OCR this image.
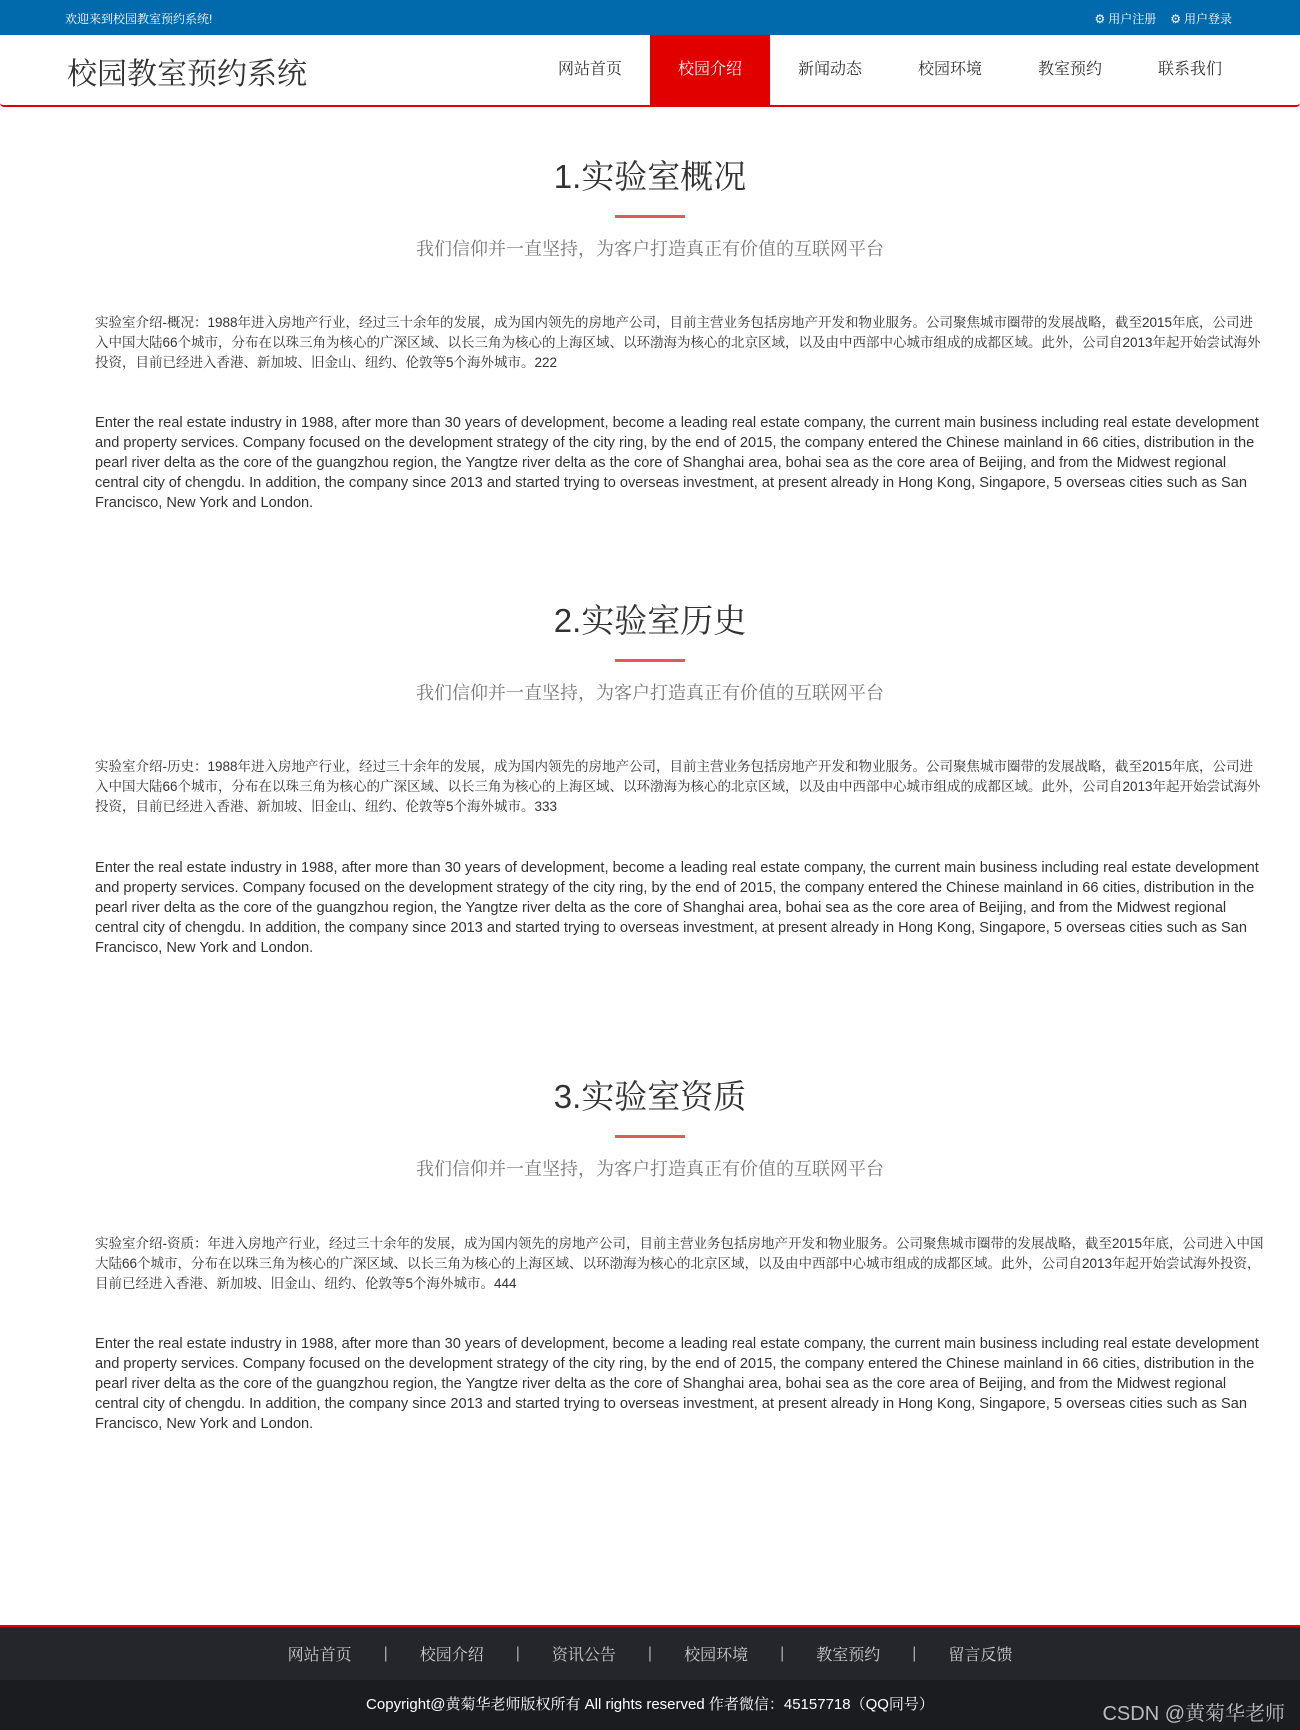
欢迎来到校园教室预约系统!	⚙ 用户注册 ⚙ 用户登录
校园教室预约系统	网站首页	校园介绍	新闻动态	校园环境	教室预约	联系我们
1.实验室概况
我们信仰并一直坚持，为客户打造真正有价值的互联网平台
实验室介绍-概况：1988年进入房地产行业，经过三十余年的发展，成为国内领先的房地产公司，目前主营业务包括房地产开发和物业服务。公司聚焦城市圈带的发展战略，截至2015年底，公司进入中国大陆66个城市，分布在以珠三角为核心的广深区域、以长三角为核心的上海区域、以环渤海为核心的北京区域，以及由中西部中心城市组成的成都区域。此外，公司自2013年起开始尝试海外投资，目前已经进入香港、新加坡、旧金山、纽约、伦敦等5个海外城市。222
Enter the real estate industry in 1988, after more than 30 years of development, become a leading real estate company, the current main business including real estate development and property services. Company focused on the development strategy of the city ring, by the end of 2015, the company entered the Chinese mainland in 66 cities, distribution in the pearl river delta as the core of the guangzhou region, the Yangtze river delta as the core of Shanghai area, bohai sea as the core area of Beijing, and from the Midwest regional central city of chengdu. In addition, the company since 2013 and started trying to overseas investment, at present already in Hong Kong, Singapore, 5 overseas cities such as San Francisco, New York and London.
2.实验室历史
我们信仰并一直坚持，为客户打造真正有价值的互联网平台
实验室介绍-历史：1988年进入房地产行业，经过三十余年的发展，成为国内领先的房地产公司，目前主营业务包括房地产开发和物业服务。公司聚焦城市圈带的发展战略，截至2015年底，公司进入中国大陆66个城市，分布在以珠三角为核心的广深区域、以长三角为核心的上海区域、以环渤海为核心的北京区域，以及由中西部中心城市组成的成都区域。此外，公司自2013年起开始尝试海外投资，目前已经进入香港、新加坡、旧金山、纽约、伦敦等5个海外城市。333
Enter the real estate industry in 1988, after more than 30 years of development, become a leading real estate company, the current main business including real estate development and property services. Company focused on the development strategy of the city ring, by the end of 2015, the company entered the Chinese mainland in 66 cities, distribution in the pearl river delta as the core of the guangzhou region, the Yangtze river delta as the core of Shanghai area, bohai sea as the core area of Beijing, and from the Midwest regional central city of chengdu. In addition, the company since 2013 and started trying to overseas investment, at present already in Hong Kong, Singapore, 5 overseas cities such as San Francisco, New York and London.
3.实验室资质
我们信仰并一直坚持，为客户打造真正有价值的互联网平台
实验室介绍-资质：年进入房地产行业，经过三十余年的发展，成为国内领先的房地产公司，目前主营业务包括房地产开发和物业服务。公司聚焦城市圈带的发展战略，截至2015年底，公司进入中国大陆66个城市，分布在以珠三角为核心的广深区域、以长三角为核心的上海区域、以环渤海为核心的北京区域，以及由中西部中心城市组成的成都区域。此外，公司自2013年起开始尝试海外投资，目前已经进入香港、新加坡、旧金山、纽约、伦敦等5个海外城市。444
Enter the real estate industry in 1988, after more than 30 years of development, become a leading real estate company, the current main business including real estate development and property services. Company focused on the development strategy of the city ring, by the end of 2015, the company entered the Chinese mainland in 66 cities, distribution in the pearl river delta as the core of the guangzhou region, the Yangtze river delta as the core of Shanghai area, bohai sea as the core area of Beijing, and from the Midwest regional central city of chengdu. In addition, the company since 2013 and started trying to overseas investment, at present already in Hong Kong, Singapore, 5 overseas cities such as San Francisco, New York and London.
网站首页 | 校园介绍 | 资讯公告 | 校园环境 | 教室预约 | 留言反馈
Copyright@黄菊华老师版权所有 All rights reserved 作者微信：45157718（QQ同号）	CSDN @黄菊华老师
